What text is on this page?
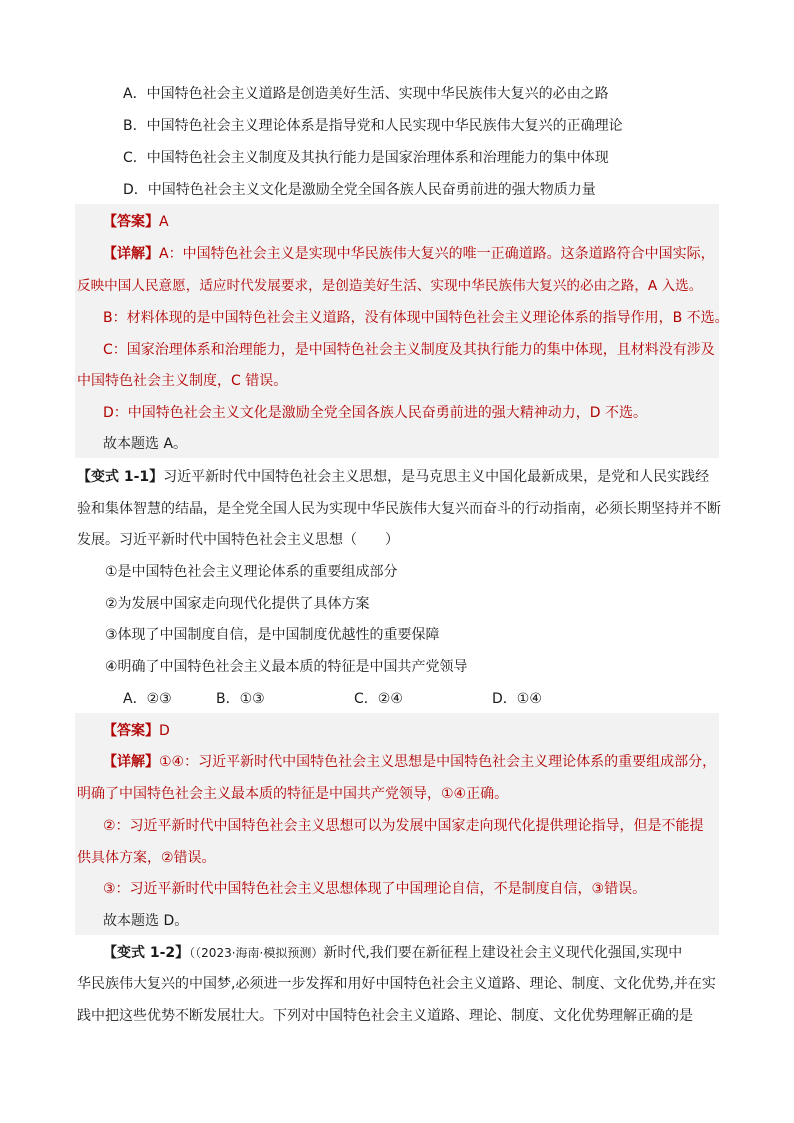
A．中国特色社会主义道路是创造美好生活、实现中华民族伟大复兴的必由之路
B．中国特色社会主义理论体系是指导党和人民实现中华民族伟大复兴的正确理论
C．中国特色社会主义制度及其执行能力是国家治理体系和治理能力的集中体现
D．中国特色社会主义文化是激励全党全国各族人民奋勇前进的强大物质力量
【答案】A
【详解】A：中国特色社会主义是实现中华民族伟大复兴的唯一正确道路。这条道路符合中国实际，
反映中国人民意愿，适应时代发展要求，是创造美好生活、实现中华民族伟大复兴的必由之路，A 入选。
B：材料体现的是中国特色社会主义道路，没有体现中国特色社会主义理论体系的指导作用，B 不选。
C：国家治理体系和治理能力，是中国特色社会主义制度及其执行能力的集中体现，且材料没有涉及
中国特色社会主义制度，C 错误。
D：中国特色社会主义文化是激励全党全国各族人民奋勇前进的强大精神动力，D 不选。
故本题选 A。
【变式 1-1】习近平新时代中国特色社会主义思想，是马克思主义中国化最新成果，是党和人民实践经
验和集体智慧的结晶，是全党全国人民为实现中华民族伟大复兴而奋斗的行动指南，必须长期坚持并不断
发展。习近平新时代中国特色社会主义思想（　　）
①是中国特色社会主义理论体系的重要组成部分
②为发展中国家走向现代化提供了具体方案
③体现了中国制度自信，是中国制度优越性的重要保障
④明确了中国特色社会主义最本质的特征是中国共产党领导
A．②③	B．①③	C．②④	D．①④
【答案】D
【详解】①④：习近平新时代中国特色社会主义思想是中国特色社会主义理论体系的重要组成部分，
明确了中国特色社会主义最本质的特征是中国共产党领导，①④正确。
②：习近平新时代中国特色社会主义思想可以为发展中国家走向现代化提供理论指导，但是不能提
供具体方案，②错误。
③：习近平新时代中国特色社会主义思想体现了中国理论自信，不是制度自信，③错误。
故本题选 D。
【变式 1-2】（（2023·海南·模拟预测）新时代,我们要在新征程上建设社会主义现代化强国,实现中
华民族伟大复兴的中国梦,必须进一步发挥和用好中国特色社会主义道路、理论、制度、文化优势,并在实
践中把这些优势不断发展壮大。下列对中国特色社会主义道路、理论、制度、文化优势理解正确的是
